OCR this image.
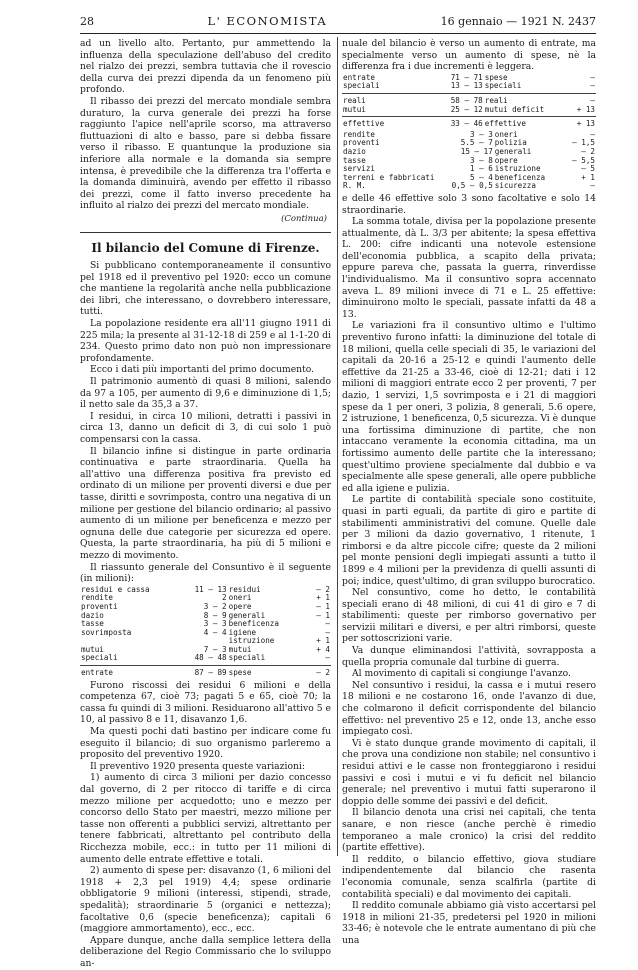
28	L' ECONOMISTA	16 gennaio — 1921 N. 2437

ad un livello alto. Pertanto, pur ammettendo la influenza della speculazione dell'abuso del credito nel rialzo dei prezzi, sembra tuttavia che il rovescio della curva dei prezzi dipenda da un fenomeno più profondo.

Il ribasso dei prezzi del mercato mondiale sembra duraturo, la curva generale dei prezzi ha forse raggiunto l'apice nell'aprile scorso, ma attraverso fluttuazioni di alto e basso, pare si debba fissare verso il ribasso. E quantunque la produzione sia inferiore alla normale e la domanda sia sempre intensa, è prevedibile che la differenza tra l'offerta e la domanda diminuirà, avendo per effetto il ribasso dei prezzi, come il fatto inverso precedente ha influito al rialzo dei prezzi del mercato mondiale.

(Continua)
Il bilancio del Comune di Firenze.

Si pubblicano contemporaneamente il consuntivo pel 1918 ed il preventivo pel 1920: ecco un comune che mantiene la regolarità anche nella pubblicazione dei libri, che interessano, o dovrebbero interessare, tutti.

La popolazione residente era all'11 giugno 1911 di 225 mila; la presente al 31-12-18 di 259 e al 1-1-20 di 234. Questo primo dato non può non impressionare profondamente.

Ecco i dati più importanti del primo documento.

Il patrimonio aumentò di quasi 8 milioni, salendo da 97 a 105, per aumento di 9,6 e diminuzione di 1,5; il netto sale da 35,3 a 37.

I residui, in circa 10 milioni, detratti i passivi in circa 13, danno un deficit di 3, di cui solo 1 può compensarsi con la cassa.

Il bilancio infine si distingue in parte ordinaria continuativa e parte straordinaria. Quella ha all'attivo una differenza positiva fra previsto ed ordinato di un milione per proventi diversi e due per tasse, diritti e sovrimposta, contro una negativa di un milione per gestione del bilancio ordinario; al passivo aumento di un milione per beneficenza e mezzo per ognuna delle due categorie per sicurezza ed opere. Questa, la parte straordinaria, ha più di 5 milioni e mezzo di movimento.

Il riassunto generale del Consuntivo è il seguente (in milioni):

residui e cassa	11 — 13	residui	— 2
rendite	2	oneri	+ 1
proventi	3 — 2	opere	— 1
dazio	8 — 9	generali	— 1
tasse	3 — 3	beneficenza	—
sovrimposta	4 — 4	igiene	—
		istruzione	+ 1
mutui	7 — 3	mutui	+ 4
speciali	48 — 48	speciali	—

entrate	87 — 89	spese	— 2

Furono riscossi dei residui 6 milioni e della competenza 67, cioè 73; pagati 5 e 65, cioè 70; la cassa fu quindi di 3 milioni. Residuarono all'attivo 5 e 10, al passivo 8 e 11, disavanzo 1,6.

Ma questi pochi dati bastino per indicare come fu eseguito il bilancio; di suo organismo parleremo a proposito del preventivo 1920.

Il preventivo 1920 presenta queste variazioni:

1) aumento di circa 3 milioni per dazio concesso dal governo, di 2 per ritocco di tariffe e di circa mezzo milione per acquedotto; uno e mezzo per concorso dello Stato per maestri, mezzo milione per tasse non offerenti a pubblici servizi, altrettanto per tenere fabbricati, altrettanto pel contributo della Ricchezza mobile, ecc.: in tutto per 11 milioni di aumento delle entrate effettive e totali.

2) aumento di spese per: disavanzo (1, 6 milioni del 1918 + 2,3 pel 1919) 4,4; spese ordinarie obbligatorie 9 milioni (interessi, stipendi, strade, spedalità); straordinarie 5 (organici e nettezza); facoltative 0,6 (specie beneficenza); capitali 6 (maggiore ammortamento), ecc., ecc.

Appare dunque, anche dalla semplice lettera della deliberazione del Regio Commissario che lo sviluppo an-

nuale del bilancio è verso un aumento di entrate, ma specialmente verso un aumento di spese, nè la differenza fra i due incrementi è leggera.

entrate	71 — 71	spese	—
speciali	13 — 13	speciali	—

reali	58 — 78	reali	—
mutui	25 — 12	mutui deficit	+ 13

effettive	33 — 46	effettive	+ 13
rendite	3 — 3	oneri	—
proventi	5.5 — 7	polizia	— 1,5
dazio	15 — 17	generali	— 2
tasse	3 — 8	opere	— 5,5
servizi	1 — 6	istruzione	— 5
terreni e fabbricati	5 — 4	beneficenza	+ 1
R. M.	0,5 — 0,5	sicurezza	—

e delle 46 effettive solo 3 sono facoltative e solo 14 straordinarie.

La somma totale, divisa per la popolazione presente attualmente, dà L. 3/3 per abitente; la spesa effettiva L. 200: cifre indicanti una notevole estensione dell'economia pubblica, a scapito della privata; eppure pareva che, passata la guerra, rinverdisse l'individualismo. Ma il consuntivo sopra accennato aveva L. 89 milioni invece di 71 e L. 25 effettive: diminuirono molto le speciali, passate infatti da 48 a 13.

Le variazioni fra il consuntivo ultimo e l'ultimo preventivo furono infatti: la diminuzione del totale di 18 milioni, quella celle speciali di 35, le variazioni del capitali da 20-16 a 25-12 e quindi l'aumento delle effettive da 21-25 a 33-46, cioè di 12-21; dati i 12 milioni di maggiori entrate ecco 2 per proventi, 7 per dazio, 1 servizi, 1,5 sovrimposta e i 21 di maggiori spese da 1 per oneri, 3 polizia, 8 generali, 5.6 opere, 2 istruzione, 1 beneficenza, 0,5 sicurezza. Vi è dunque una fortissima diminuzione di partite, che non intaccano veramente la economia cittadina, ma un fortissimo aumento delle partite che la interessano; quest'ultimo proviene specialmente dal dubbio e va specialmente alle spese generali, alle opere pubbliche ed alla igiene e pulizia.

Le partite di contabilità speciale sono costituite, quasi in parti eguali, da partite di giro e partite di stabilimenti amministrativi del comune. Quelle dale per 3 milioni da dazio governativo, 1 ritenute, 1 rimborsi e da altre piccole cifre; queste da 2 milioni pel monte pensioni degli impiegati assunti a tutto il 1899 e 4 milioni per la previdenza di quelli assunti di poi; indice, quest'ultimo, di gran sviluppo burocratico.

Nel consuntivo, come ho detto, le contabilità speciali erano di 48 milioni, di cui 41 di giro e 7 di stabilimenti: queste per rimborso governativo per servizii militari e diversi, e per altri rimborsi, queste per sottoscrizioni varie.

Va dunque eliminandosi l'attività, sovrapposta a quella propria comunale dal turbine di guerra.

Al movimento di capitali si congiunge l'avanzo.

Nel consuntivo i residui, la cassa e i mutui resero 18 milioni e ne costarono 16, onde l'avanzo di due, che colmarono il deficit corrispondente del bilancio effettivo: nel preventivo 25 e 12, onde 13, anche esso impiegato così.

Vi è stato dunque grande movimento di capitali, il che prova una condizione non stabile; nel consuntivo i residui attivi e le casse non fronteggiarono i residui passivi e così i mutui e vi fu deficit nel bilancio generale; nel preventivo i mutui fatti superarono il doppio delle somme dei passivi e del deficit.

Il bilancio denota una crisi nei capitali, che tenta sanare, e non riesce (anche perchè è rimedio temporaneo a male cronico) la crisi del reddito (partite effettive).

Il reddito, o bilancio effettivo, giova studiare indipendentemente dal bilancio che rasenta l'economia comunale, senza scalfirla (partite di contabilità speciali) e dal movimento dei capitali.

Il reddito comunale abbiamo già visto accertarsi pel 1918 in milioni 21-35, predetersi pel 1920 in milioni 33-46; è notevole che le entrate aumentano di più che una
